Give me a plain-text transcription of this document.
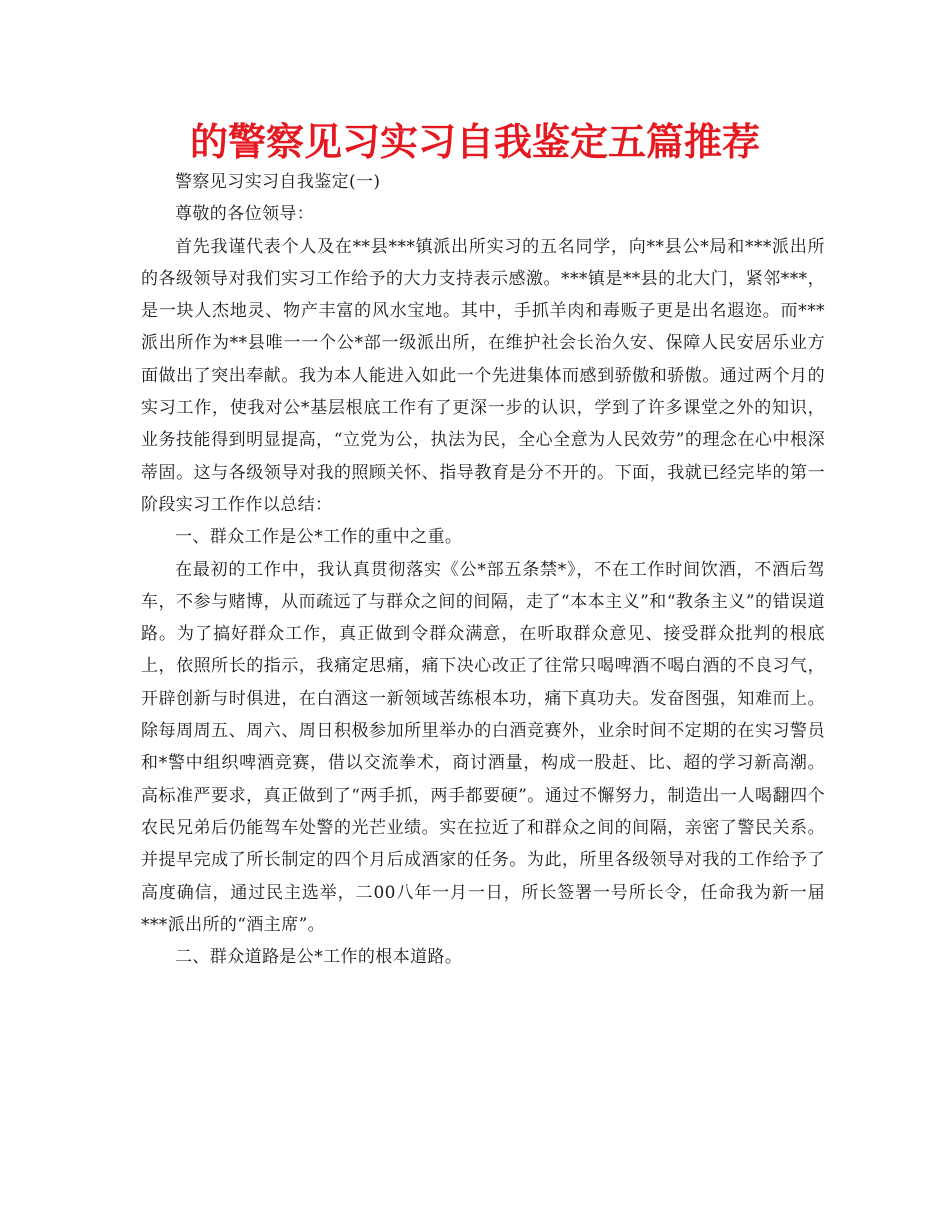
的警察见习实习自我鉴定五篇推荐

警察见习实习自我鉴定(一)

尊敬的各位领导：

首先我谨代表个人及在**县***镇派出所实习的五名同学，向**县公*局和***派出所的各级领导对我们实习工作给予的大力支持表示感激。***镇是**县的北大门，紧邻***，是一块人杰地灵、物产丰富的风水宝地。其中，手抓羊肉和毒贩子更是出名遐迩。而***派出所作为**县唯一一个公*部一级派出所，在维护社会长治久安、保障人民安居乐业方面做出了突出奉献。我为本人能进入如此一个先进集体而感到骄傲和骄傲。通过两个月的实习工作，使我对公*基层根底工作有了更深一步的认识，学到了许多课堂之外的知识，业务技能得到明显提高，“立党为公，执法为民，全心全意为人民效劳”的理念在心中根深蒂固。这与各级领导对我的照顾关怀、指导教育是分不开的。下面，我就已经完毕的第一阶段实习工作作以总结：

一、群众工作是公*工作的重中之重。

在最初的工作中，我认真贯彻落实《公*部五条禁*》，不在工作时间饮酒，不酒后驾车，不参与赌博，从而疏远了与群众之间的间隔，走了“本本主义”和“教条主义”的错误道路。为了搞好群众工作，真正做到令群众满意，在听取群众意见、接受群众批判的根底上，依照所长的指示，我痛定思痛，痛下决心改正了往常只喝啤酒不喝白酒的不良习气，开辟创新与时俱进，在白酒这一新领域苦练根本功，痛下真功夫。发奋图强，知难而上。除每周周五、周六、周日积极参加所里举办的白酒竞赛外，业余时间不定期的在实习警员和*警中组织啤酒竞赛，借以交流拳术，商讨酒量，构成一股赶、比、超的学习新高潮。高标准严要求，真正做到了“两手抓，两手都要硬”。通过不懈努力，制造出一人喝翻四个农民兄弟后仍能驾车处警的光芒业绩。实在拉近了和群众之间的间隔，亲密了警民关系。并提早完成了所长制定的四个月后成酒家的任务。为此，所里各级领导对我的工作给予了高度确信，通过民主选举，二00八年一月一日，所长签署一号所长令，任命我为新一届***派出所的“酒主席”。

二、群众道路是公*工作的根本道路。
